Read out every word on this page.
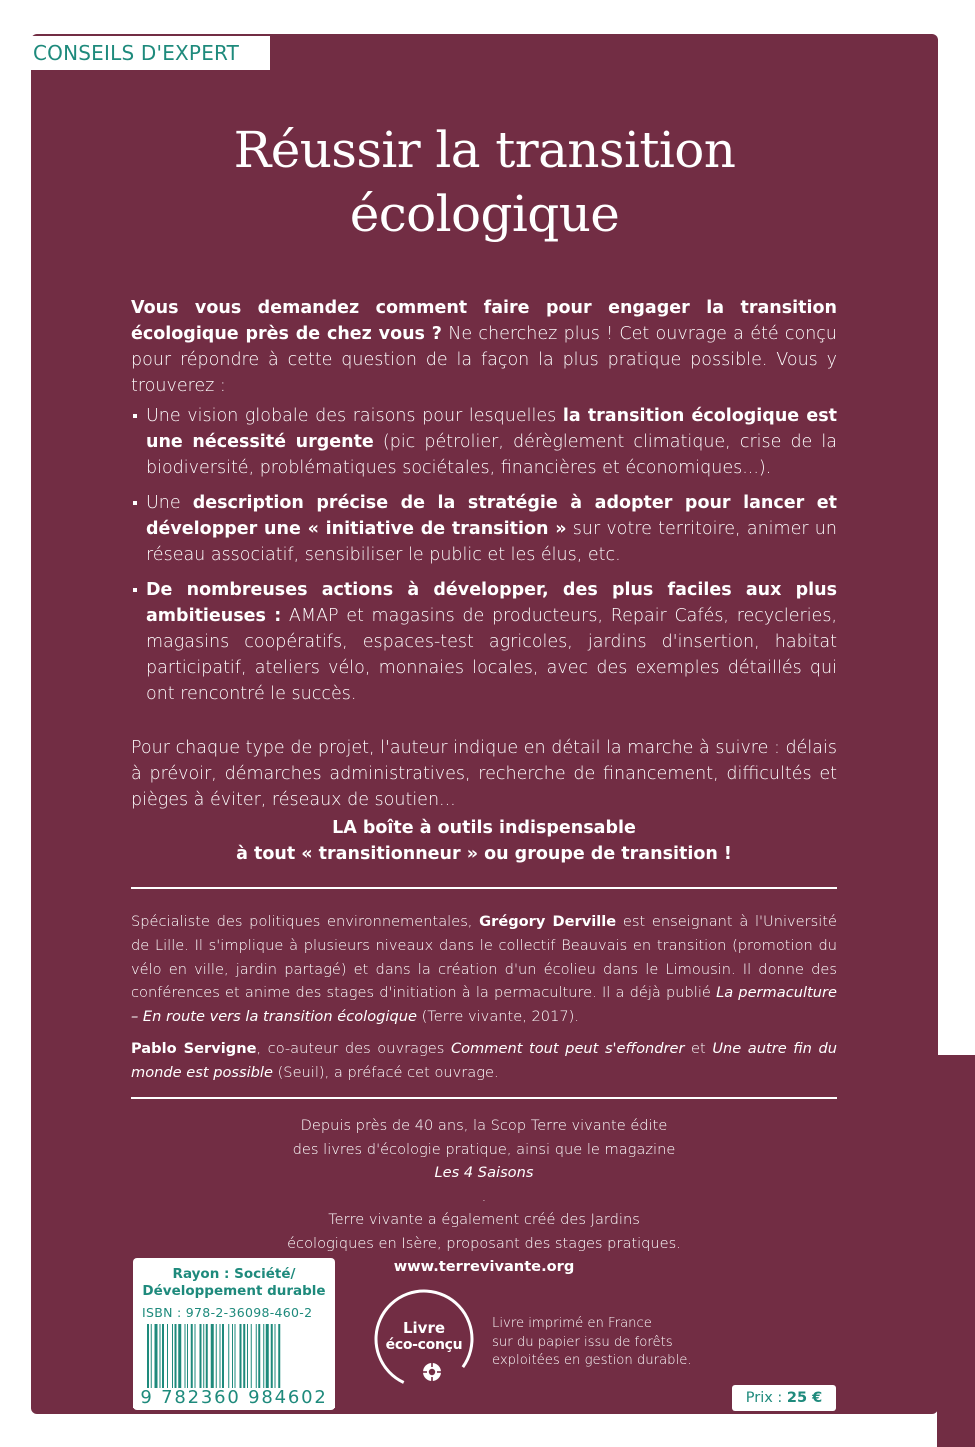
CONSEILS D'EXPERT
Réussir la transition
écologique

Vous vous demandez comment faire pour engager la transition écologique près de chez vous ? Ne cherchez plus ! Cet ouvrage a été conçu pour répondre à cette question de la façon la plus pratique possible. Vous y trouverez :

Une vision globale des raisons pour lesquelles la transition écologique est une nécessité urgente (pic pétrolier, dérèglement climatique, crise de la biodiversité, problématiques sociétales, financières et économiques...).
Une description précise de la stratégie à adopter pour lancer et développer une « initiative de transition » sur votre territoire, animer un réseau associatif, sensibiliser le public et les élus, etc.
De nombreuses actions à développer, des plus faciles aux plus ambitieuses : AMAP et magasins de producteurs, Repair Cafés, recycleries, magasins coopératifs, espaces-test agricoles, jardins d'insertion, habitat participatif, ateliers vélo, monnaies locales, avec des exemples détaillés qui ont rencontré le succès.

Pour chaque type de projet, l'auteur indique en détail la marche à suivre : délais à prévoir, démarches administratives, recherche de financement, difficultés et pièges à éviter, réseaux de soutien...

LA boîte à outils indispensable
à tout « transitionneur » ou groupe de transition !

Spécialiste des politiques environnementales, Grégory Derville est enseignant à l'Université de Lille. Il s'implique à plusieurs niveaux dans le collectif Beauvais en transition (promotion du vélo en ville, jardin partagé) et dans la création d'un écolieu dans le Limousin. Il donne des conférences et anime des stages d'initiation à la permaculture. Il a déjà publié La permaculture – En route vers la transition écologique (Terre vivante, 2017).

Pablo Servigne, co-auteur des ouvrages Comment tout peut s'effondrer et Une autre fin du monde est possible (Seuil), a préfacé cet ouvrage.

Depuis près de 40 ans, la Scop Terre vivante édite
des livres d'écologie pratique, ainsi que le magazine
Les 4 Saisons
.
Terre vivante a également créé des Jardins
écologiques en Isère, proposant des stages pratiques.
www.terrevivante.org
Rayon : Société/
Développement durable
ISBN : 978-2-36098-460-2
9 782360 984602
Livre
éco-conçu
Livre imprimé en France
sur du papier issu de forêts
exploitées en gestion durable.
Prix : 25 €
